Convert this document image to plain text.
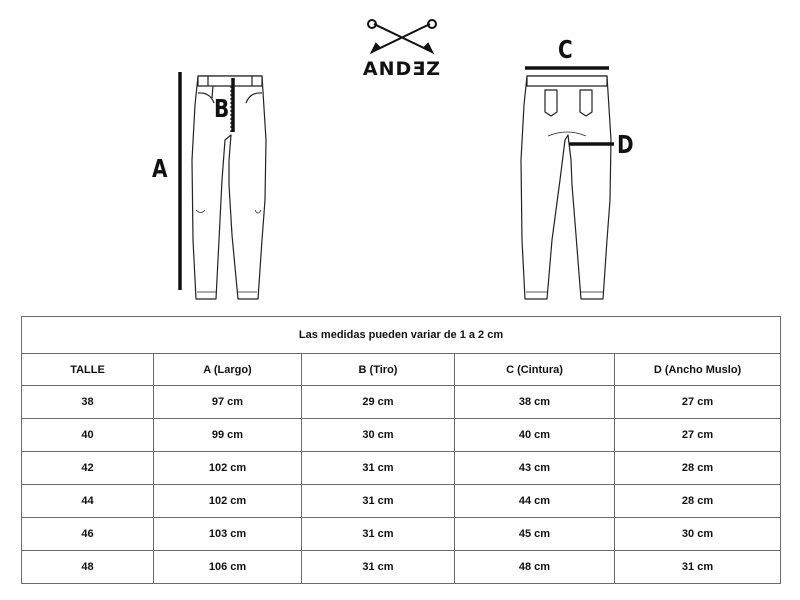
ANDƎZ
A
B
C
D
Las medidas pueden variar de 1 a 2 cm				
TALLE	A (Largo)	B (Tiro)	C (Cintura)	D (Ancho Muslo)
38	97 cm	29 cm	38 cm	27 cm
40	99 cm	30 cm	40 cm	27 cm
42	102 cm	31 cm	43 cm	28 cm
44	102 cm	31 cm	44 cm	28 cm
46	103 cm	31 cm	45 cm	30 cm
48	106 cm	31 cm	48 cm	31 cm
